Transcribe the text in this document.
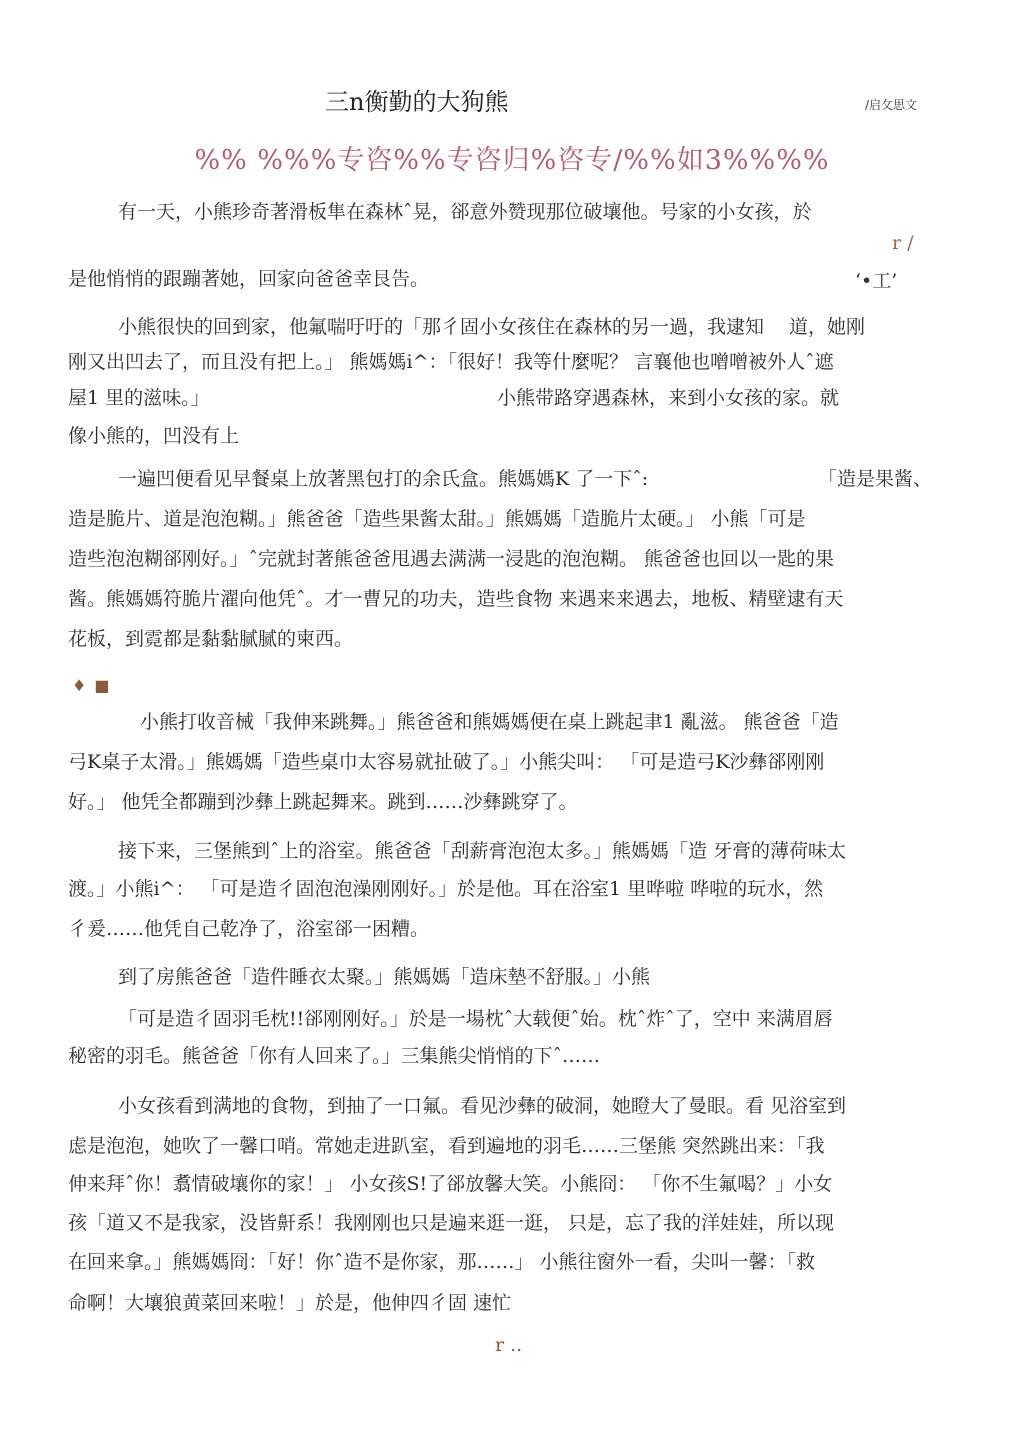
三n衡勤的大狗熊	/启攵思文
%% %%%专咨%%专咨归%咨专/%%如3%%%%
有一天，小熊珍奇著滑板隼在森林ˆ晃，郤意外赞现那位破壤他。号家的小女孩，於
r /
是他悄悄的跟蹦著她，回家向爸爸幸艮告。	‘•工’
小熊很快的回到家，他氟喘吁吁的「那彳固小女孩住在森林的另一過，我逮知　 道，她刚
刚又出凹去了，而且没有把上。」 熊媽媽i^：「很好！我等什麼呢？ 言襄他也噌噌被外人ˆ遮
屋1 里的滋味。」	小熊带路穿遇森林，来到小女孩的家。就
像小熊的，凹没有上
一遍凹便看见早餐桌上放著黑包打的余氏盒。熊媽媽K 了一下ˆ:	「造是果酱、
造是脆片、道是泡泡糊。」熊爸爸「造些果酱太甜。」熊媽媽「造脆片太硬。」 小熊「可是
造些泡泡糊郤刚好。」ˆ完就封著熊爸爸甩遇去满满一浸匙的泡泡糊。 熊爸爸也回以一匙的果
酱。熊媽媽符脆片濯向他凭ˆ。才一曹兄的功夫，造些食物 来遇来来遇去，地板、精壁逮有天
花板，到霓都是黏黏腻腻的柬西。
♦ ■
小熊打收音械「我伸来跳舞。」熊爸爸和熊媽媽便在桌上跳起聿1 亂滋。 熊爸爸「造
弓K桌子太滑。」熊媽媽「造些桌巾太容易就扯破了。」小熊尖叫： 「可是造弓K沙彝郤刚刚
好。」 他凭全都蹦到沙彝上跳起舞来。跳到……沙彝跳穿了。
接下来，三堡熊到ˆ上的浴室。熊爸爸「刮薪膏泡泡太多。」熊媽媽「造 牙膏的薄荷味太
渡。」小熊i^： 「可是造彳固泡泡澡刚刚好。」於是他。耳在浴室1 里哗啦 哗啦的玩水，然
彳爰……他凭自己乾净了，浴室郤一困糟。
到了房熊爸爸「造件睡衣太聚。」熊媽媽「造床墊不舒服。」小熊
「可是造彳固羽毛枕!!郤刚刚好。」於是一場枕ˆ大载便ˆ始。枕ˆ炸ˆ了，空中 来满眉唇
秘密的羽毛。熊爸爸「你有人回来了。」三集熊尖悄悄的下ˆ……
小女孩看到满地的食物，到抽了一口氟。看见沙彝的破洞，她瞪大了曼眼。看 见浴室到
虑是泡泡，她吹了一馨口哨。常她走进趴室，看到遍地的羽毛……三堡熊 突然跳出来：「我
伸来拜ˆ你！翥情破壤你的家！」 小女孩S!了郤放馨大笑。小熊冏： 「你不生氟喝？」小女
孩「道又不是我家，没皆鼾系！我刚刚也只是遍来逛一逛， 只是，忘了我的洋娃娃，所以现
在回来拿。」熊媽媽冏：「好！你ˆ造不是你家，那……」 小熊往窗外一看，尖叫一馨：「救
命啊！大壤狼黄菜回来啦！」於是，他伸四彳固 速忙
r ..
